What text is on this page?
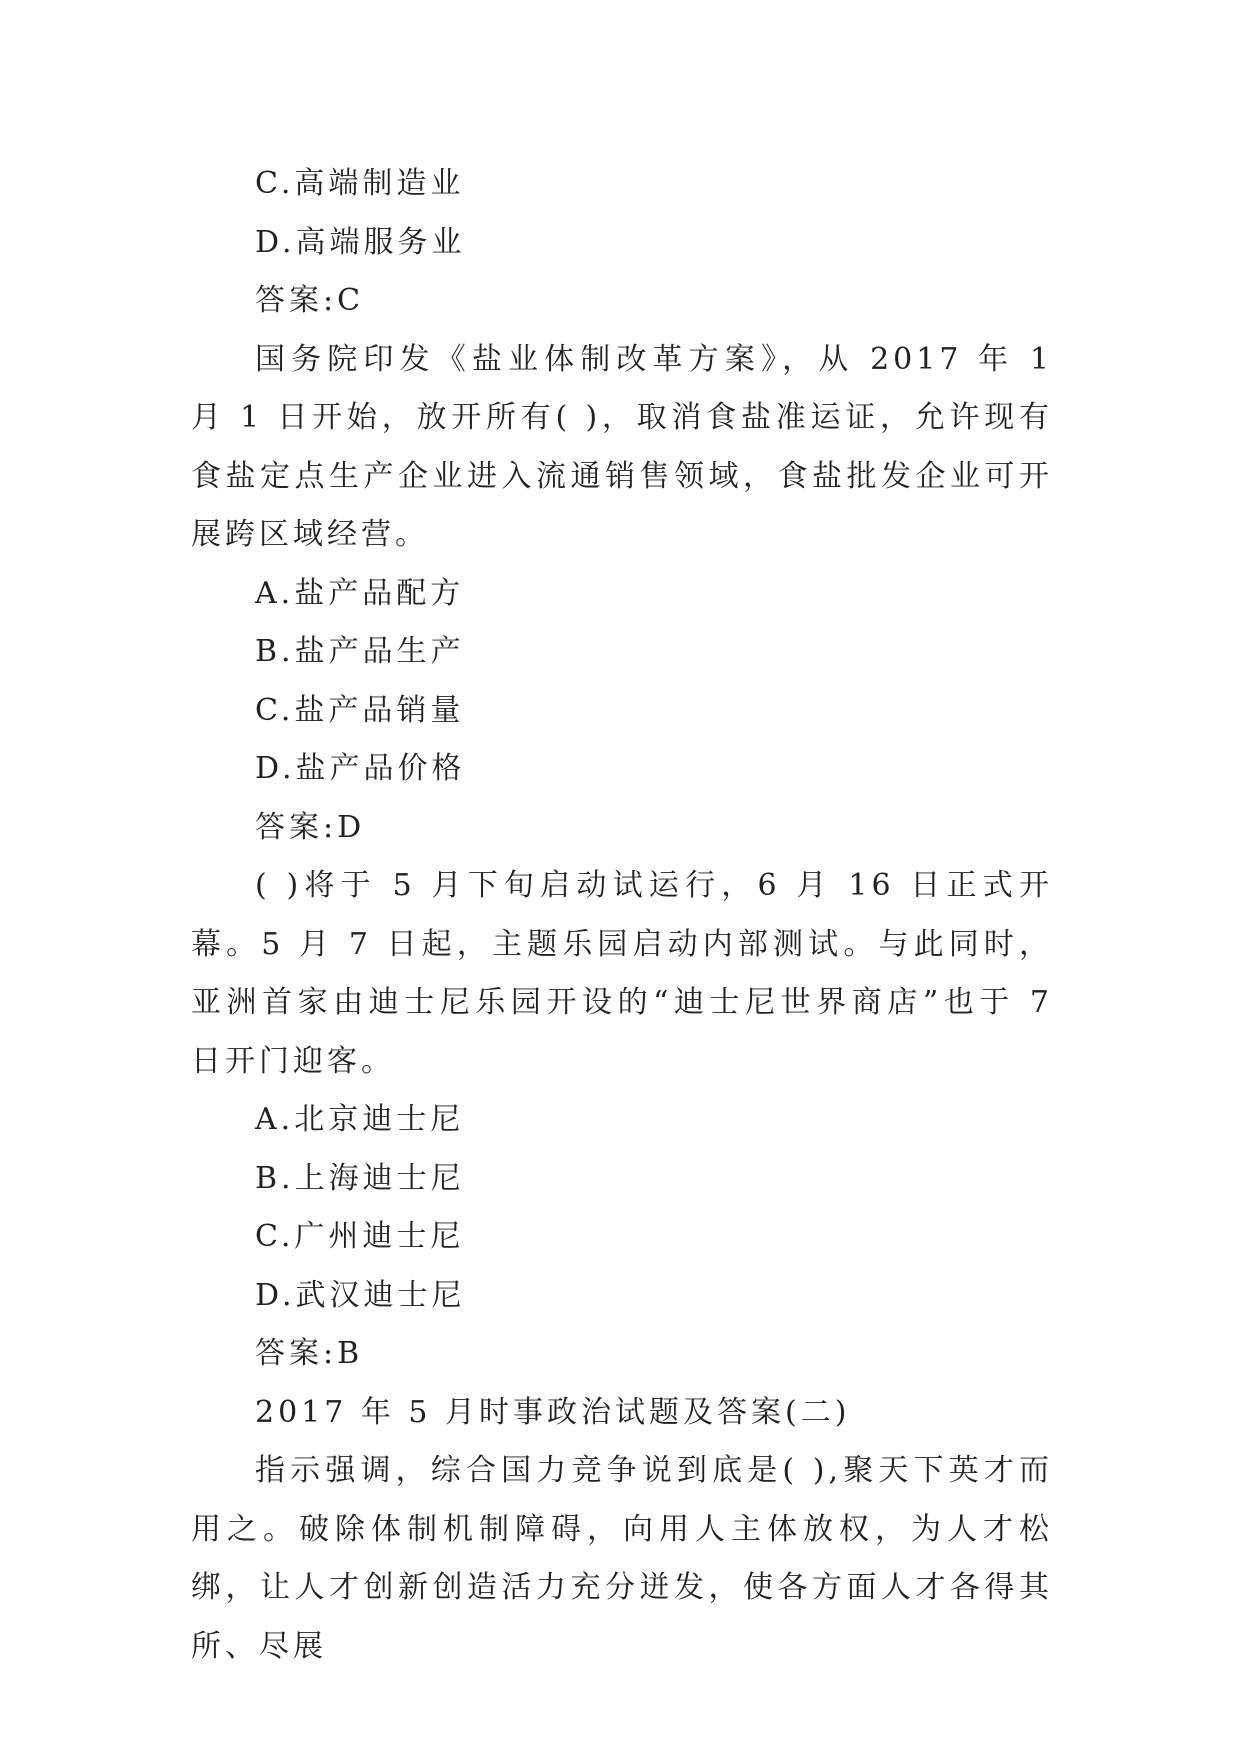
C.高端制造业

D.高端服务业

答案:C

国务院印发《盐业体制改革方案》，从 2017 年 1 月 1 日开始，放开所有( )，取消食盐准运证，允许现有食盐定点生产企业进入流通销售领域，食盐批发企业可开展跨区域经营。

A.盐产品配方

B.盐产品生产

C.盐产品销量

D.盐产品价格

答案:D

( )将于 5 月下旬启动试运行，6 月 16 日正式开幕。5 月 7 日起，主题乐园启动内部测试。与此同时，亚洲首家由迪士尼乐园开设的“迪士尼世界商店”也于 7 日开门迎客。

A.北京迪士尼

B.上海迪士尼

C.广州迪士尼

D.武汉迪士尼

答案:B

2017 年 5 月时事政治试题及答案(二)

指示强调，综合国力竞争说到底是( ),聚天下英才而用之。破除体制机制障碍，向用人主体放权，为人才松绑，让人才创新创造活力充分迸发，使各方面人才各得其所、尽展
